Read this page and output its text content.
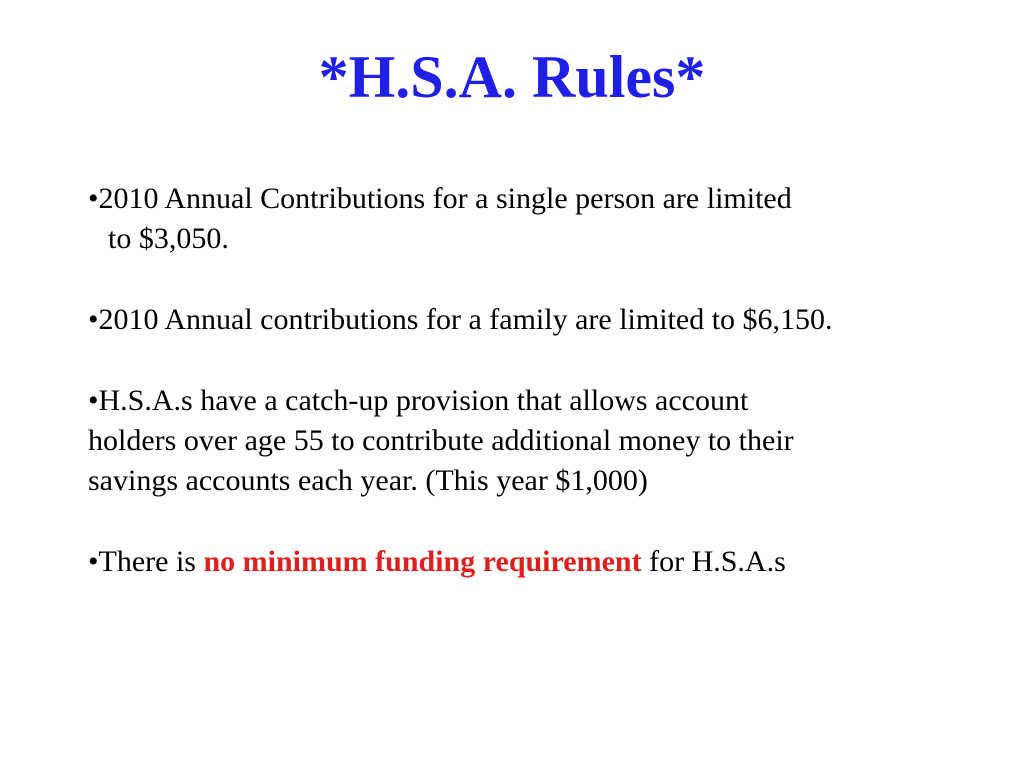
*H.S.A. Rules*
•2010 Annual Contributions for a single person are limited
to $3,050.
•2010 Annual contributions for a family are limited to $6,150.
•H.S.A.s have a catch-up provision that allows account
holders over age 55 to contribute additional money to their
savings accounts each year. (This year $1,000)
•There is no minimum funding requirement for H.S.A.s
